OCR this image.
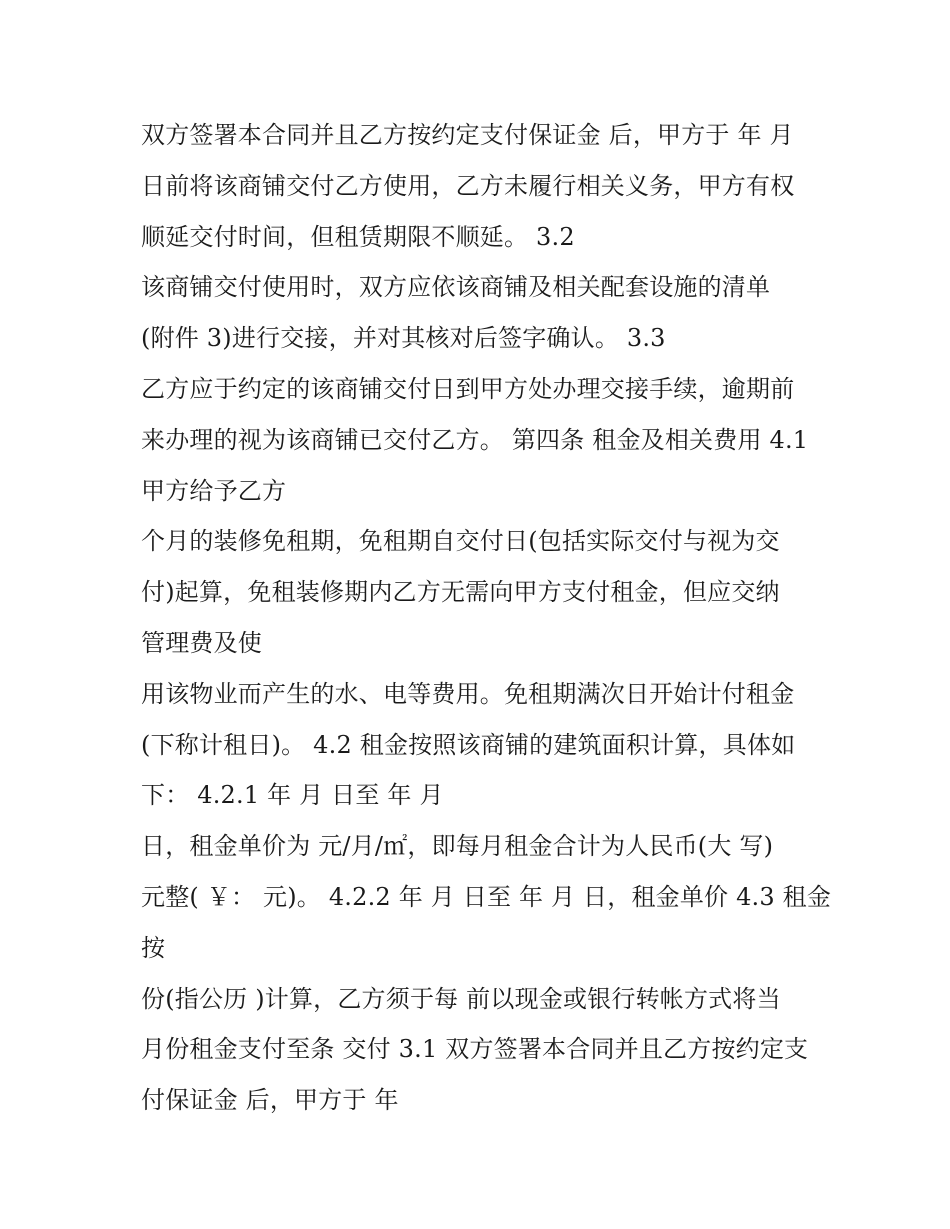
双方签署本合同并且乙方按约定支付保证金 后，甲方于 年 月
日前将该商铺交付乙方使用，乙方未履行相关义务，甲方有权
顺延交付时间，但租赁期限不顺延。 3.2
该商铺交付使用时，双方应依该商铺及相关配套设施的清单
(附件 3)进行交接，并对其核对后签字确认。 3.3
乙方应于约定的该商铺交付日到甲方处办理交接手续，逾期前
来办理的视为该商铺已交付乙方。 第四条 租金及相关费用 4.1
甲方给予乙方
个月的装修免租期，免租期自交付日(包括实际交付与视为交
付)起算，免租装修期内乙方无需向甲方支付租金，但应交纳
管理费及使
用该物业而产生的水、电等费用。免租期满次日开始计付租金
(下称计租日)。 4.2 租金按照该商铺的建筑面积计算，具体如
下： 4.2.1 年 月 日至 年 月
日，租金单价为 元/月/㎡，即每月租金合计为人民币(大 写)
元整( ￥： 元)。 4.2.2 年 月 日至 年 月 日，租金单价 4.3 租金
按
份(指公历 )计算，乙方须于每 前以现金或银行转帐方式将当
月份租金支付至条 交付 3.1 双方签署本合同并且乙方按约定支
付保证金 后，甲方于 年
